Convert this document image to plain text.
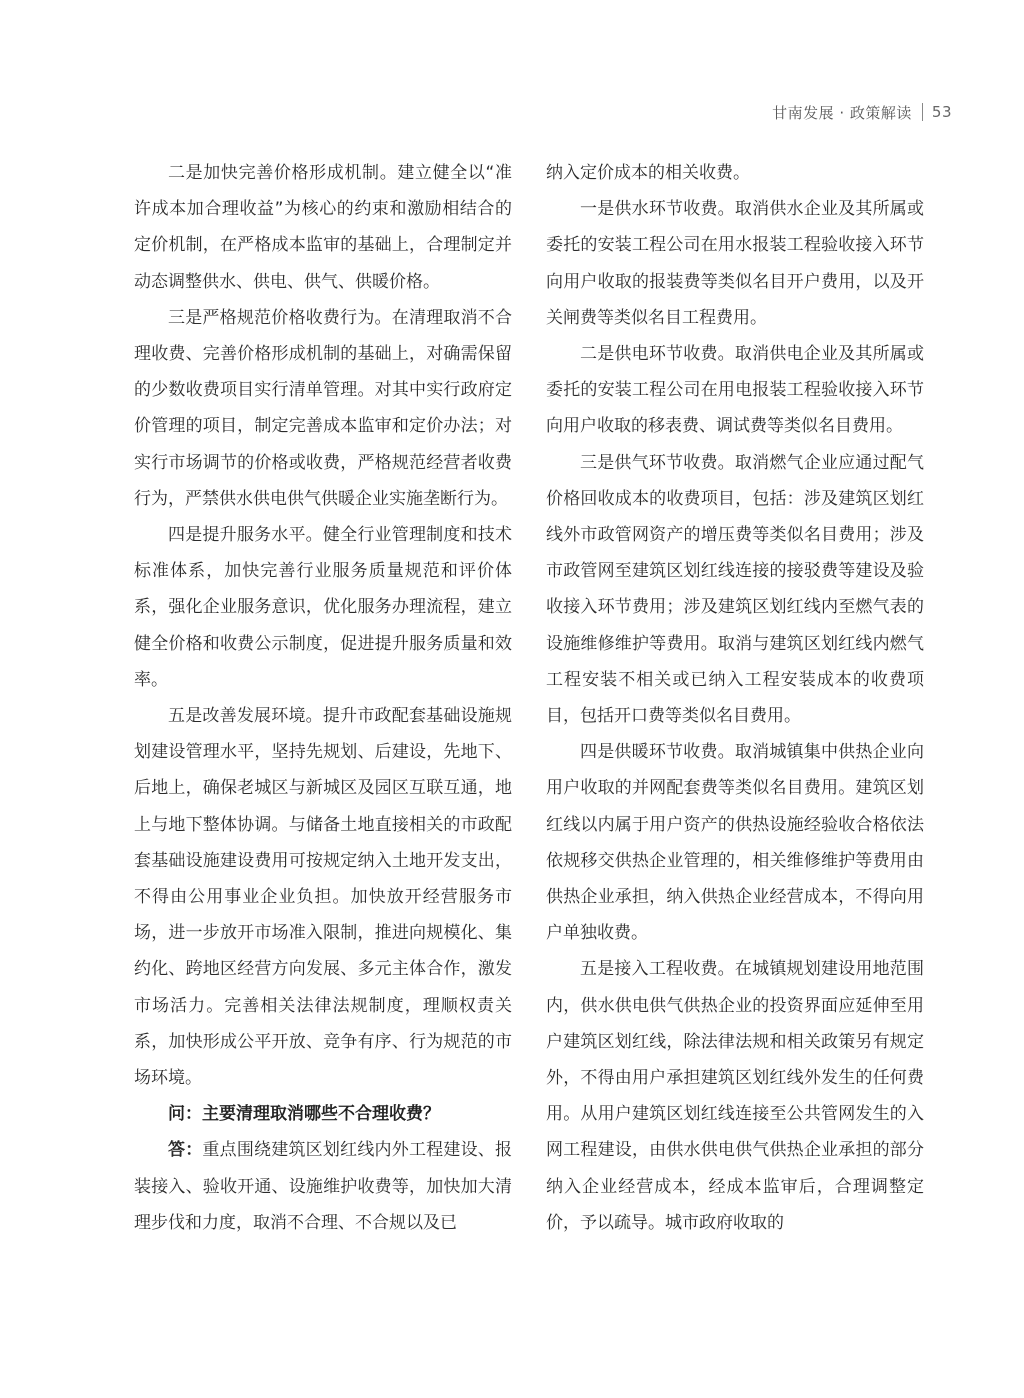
甘南发展 · 政策解读 53

二是加快完善价格形成机制。建立健全以“准许成本加合理收益”为核心的约束和激励相结合的定价机制，在严格成本监审的基础上，合理制定并动态调整供水、供电、供气、供暖价格。

三是严格规范价格收费行为。在清理取消不合理收费、完善价格形成机制的基础上，对确需保留的少数收费项目实行清单管理。对其中实行政府定价管理的项目，制定完善成本监审和定价办法；对实行市场调节的价格或收费，严格规范经营者收费行为，严禁供水供电供气供暖企业实施垄断行为。

四是提升服务水平。健全行业管理制度和技术标准体系，加快完善行业服务质量规范和评价体系，强化企业服务意识，优化服务办理流程，建立健全价格和收费公示制度，促进提升服务质量和效率。

五是改善发展环境。提升市政配套基础设施规划建设管理水平，坚持先规划、后建设，先地下、后地上，确保老城区与新城区及园区互联互通，地上与地下整体协调。与储备土地直接相关的市政配套基础设施建设费用可按规定纳入土地开发支出，不得由公用事业企业负担。加快放开经营服务市场，进一步放开市场准入限制，推进向规模化、集约化、跨地区经营方向发展、多元主体合作，激发市场活力。完善相关法律法规制度，理顺权责关系，加快形成公平开放、竞争有序、行为规范的市场环境。

问：主要清理取消哪些不合理收费？

答：重点围绕建筑区划红线内外工程建设、报装接入、验收开通、设施维护收费等，加快加大清理步伐和力度，取消不合理、不合规以及已

纳入定价成本的相关收费。

一是供水环节收费。取消供水企业及其所属或委托的安装工程公司在用水报装工程验收接入环节向用户收取的报装费等类似名目开户费用，以及开关闸费等类似名目工程费用。

二是供电环节收费。取消供电企业及其所属或委托的安装工程公司在用电报装工程验收接入环节向用户收取的移表费、调试费等类似名目费用。

三是供气环节收费。取消燃气企业应通过配气价格回收成本的收费项目，包括：涉及建筑区划红线外市政管网资产的增压费等类似名目费用；涉及市政管网至建筑区划红线连接的接驳费等建设及验收接入环节费用；涉及建筑区划红线内至燃气表的设施维修维护等费用。取消与建筑区划红线内燃气工程安装不相关或已纳入工程安装成本的收费项目，包括开口费等类似名目费用。

四是供暖环节收费。取消城镇集中供热企业向用户收取的并网配套费等类似名目费用。建筑区划红线以内属于用户资产的供热设施经验收合格依法依规移交供热企业管理的，相关维修维护等费用由供热企业承担，纳入供热企业经营成本，不得向用户单独收费。

五是接入工程收费。在城镇规划建设用地范围内，供水供电供气供热企业的投资界面应延伸至用户建筑区划红线，除法律法规和相关政策另有规定外，不得由用户承担建筑区划红线外发生的任何费用。从用户建筑区划红线连接至公共管网发生的入网工程建设，由供水供电供气供热企业承担的部分纳入企业经营成本，经成本监审后，合理调整定价，予以疏导。城市政府收取的
